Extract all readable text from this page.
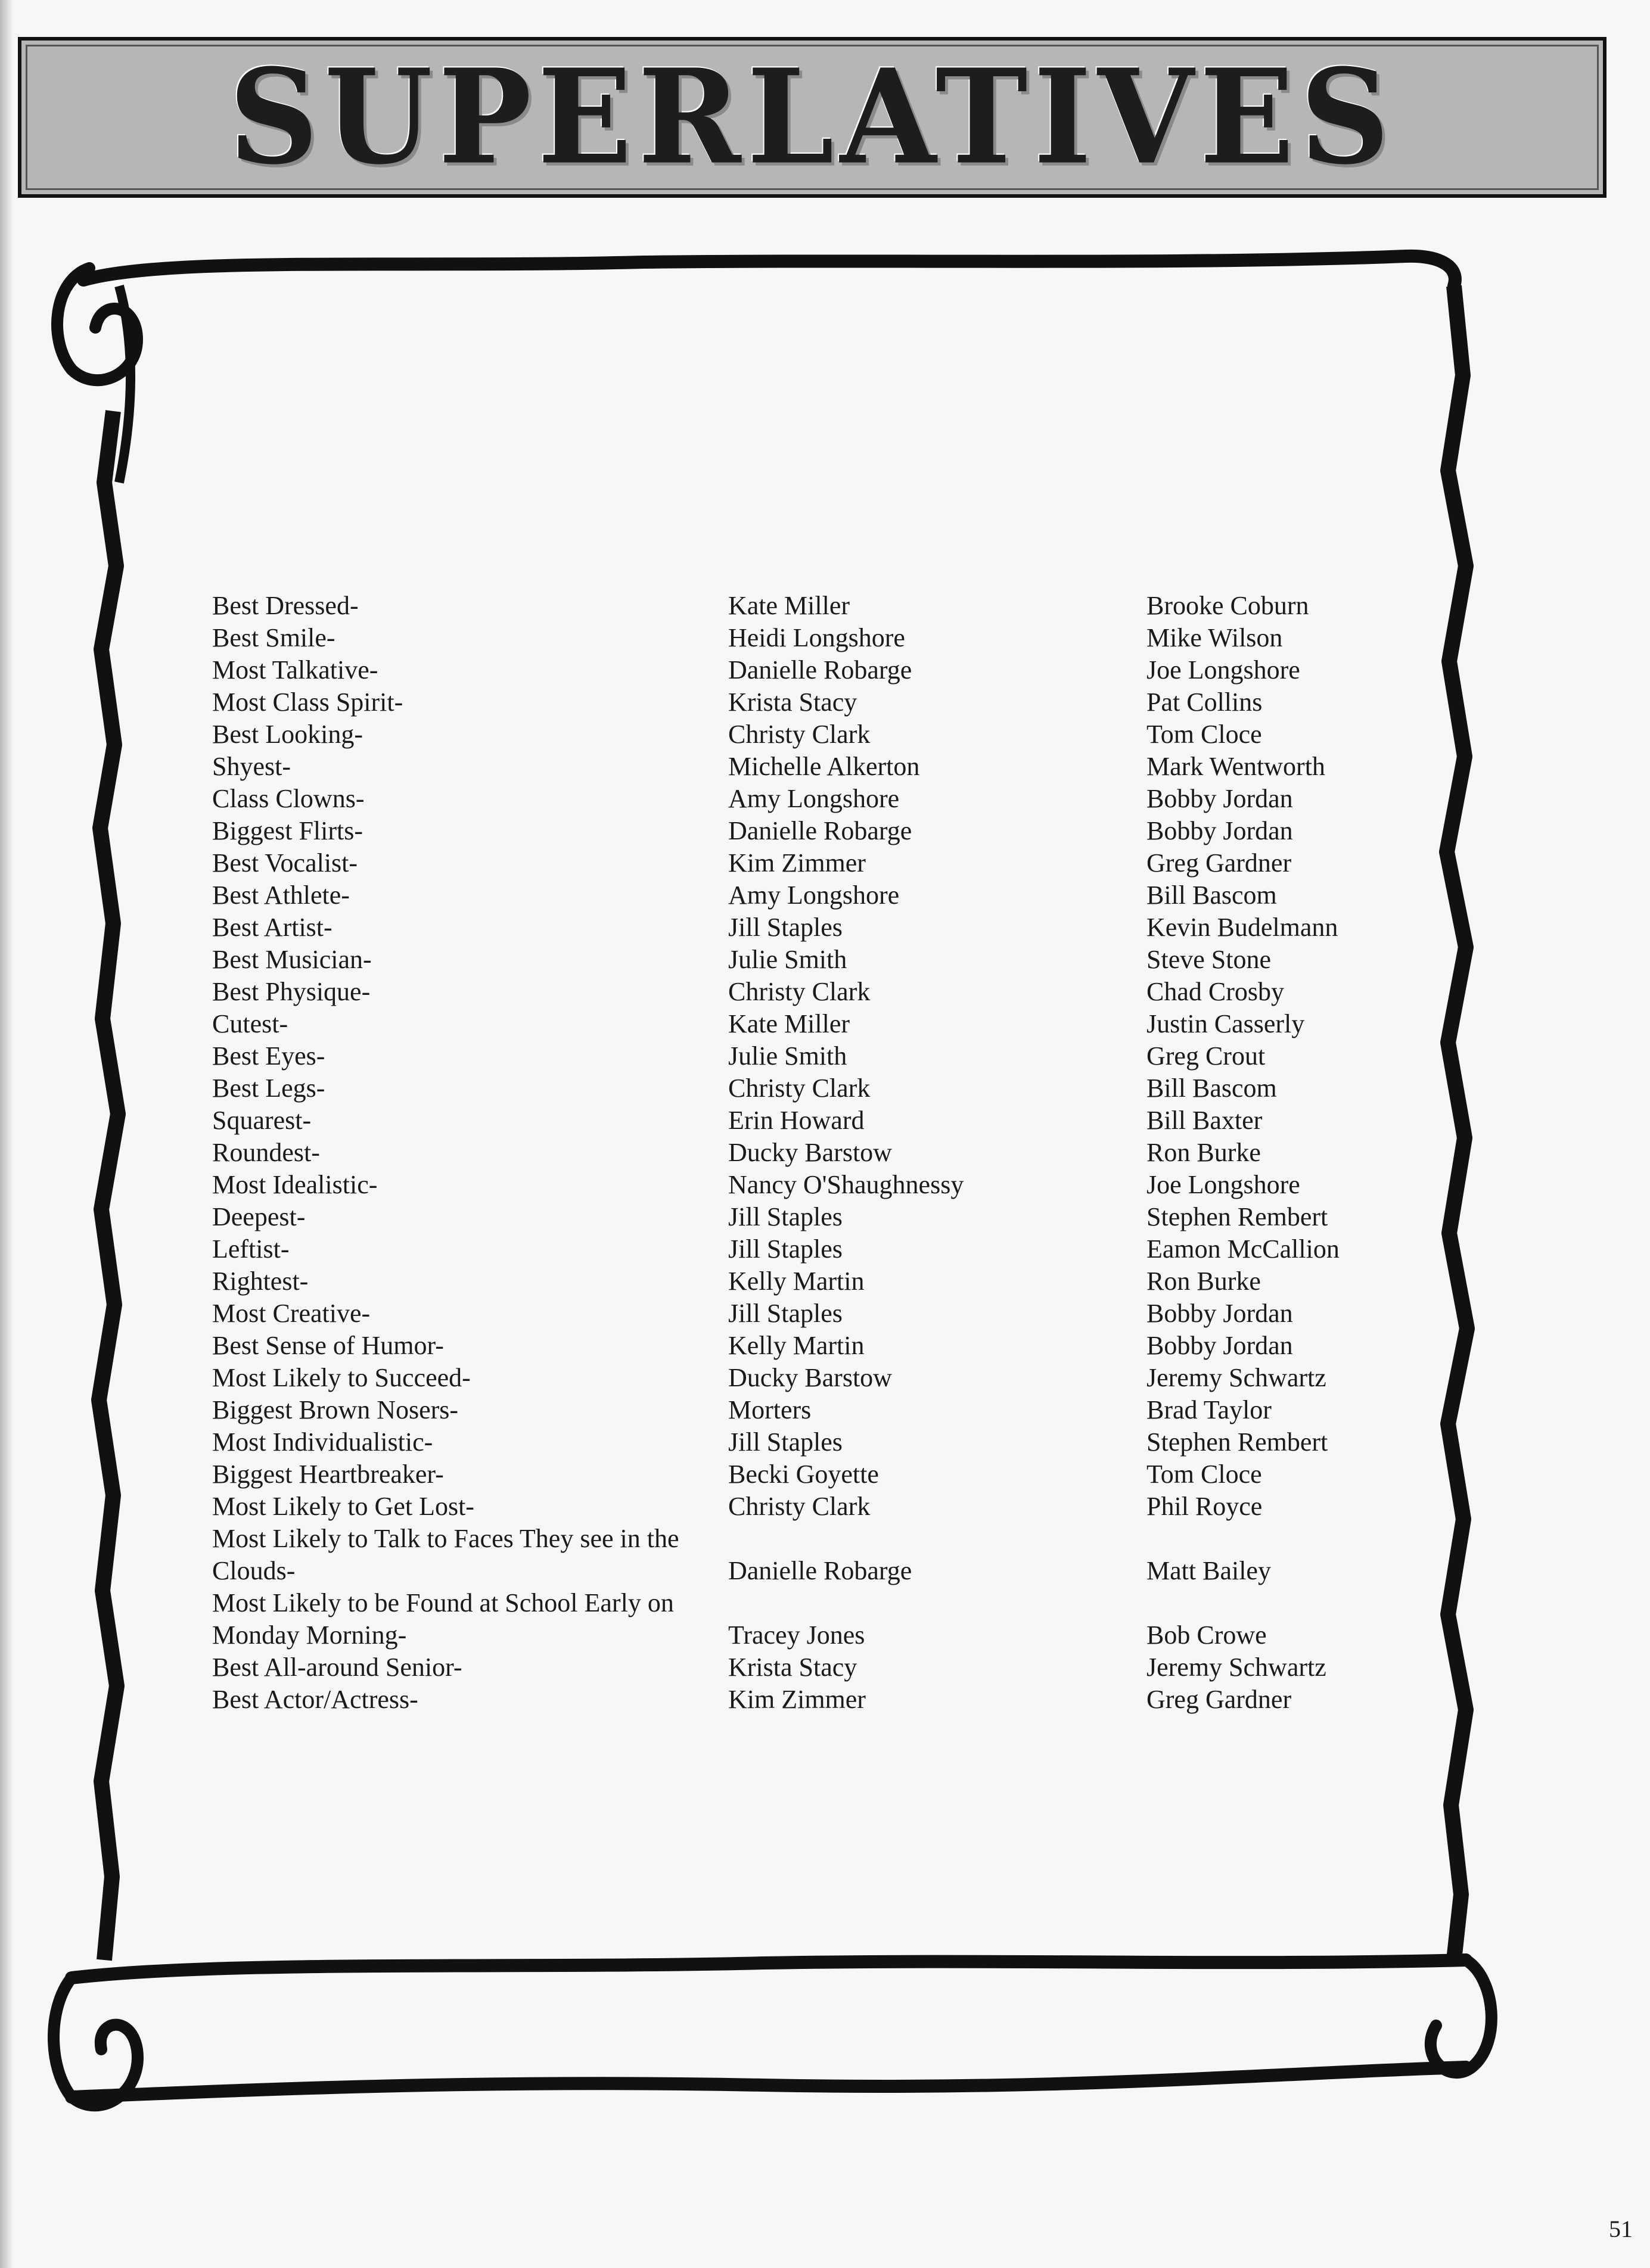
SUPERLATIVES
Best Dressed-	Kate Miller	Brooke Coburn
Best Smile-	Heidi Longshore	Mike Wilson
Most Talkative-	Danielle Robarge	Joe Longshore
Most Class Spirit-	Krista Stacy	Pat Collins
Best Looking-	Christy Clark	Tom Cloce
Shyest-	Michelle Alkerton	Mark Wentworth
Class Clowns-	Amy Longshore	Bobby Jordan
Biggest Flirts-	Danielle Robarge	Bobby Jordan
Best Vocalist-	Kim Zimmer	Greg Gardner
Best Athlete-	Amy Longshore	Bill Bascom
Best Artist-	Jill Staples	Kevin Budelmann
Best Musician-	Julie Smith	Steve Stone
Best Physique-	Christy Clark	Chad Crosby
Cutest-	Kate Miller	Justin Casserly
Best Eyes-	Julie Smith	Greg Crout
Best Legs-	Christy Clark	Bill Bascom
Squarest-	Erin Howard	Bill Baxter
Roundest-	Ducky Barstow	Ron Burke
Most Idealistic-	Nancy O'Shaughnessy	Joe Longshore
Deepest-	Jill Staples	Stephen Rembert
Leftist-	Jill Staples	Eamon McCallion
Rightest-	Kelly Martin	Ron Burke
Most Creative-	Jill Staples	Bobby Jordan
Best Sense of Humor-	Kelly Martin	Bobby Jordan
Most Likely to Succeed-	Ducky Barstow	Jeremy Schwartz
Biggest Brown Nosers-	Morters	Brad Taylor
Most Individualistic-	Jill Staples	Stephen Rembert
Biggest Heartbreaker-	Becki Goyette	Tom Cloce
Most Likely to Get Lost-	Christy Clark	Phil Royce
Most Likely to Talk to Faces They see in the Clouds-	Danielle Robarge	Matt Bailey
Most Likely to be Found at School Early on Monday Morning-	Tracey Jones	Bob Crowe
Best All-around Senior-	Krista Stacy	Jeremy Schwartz
Best Actor/Actress-	Kim Zimmer	Greg Gardner
51
